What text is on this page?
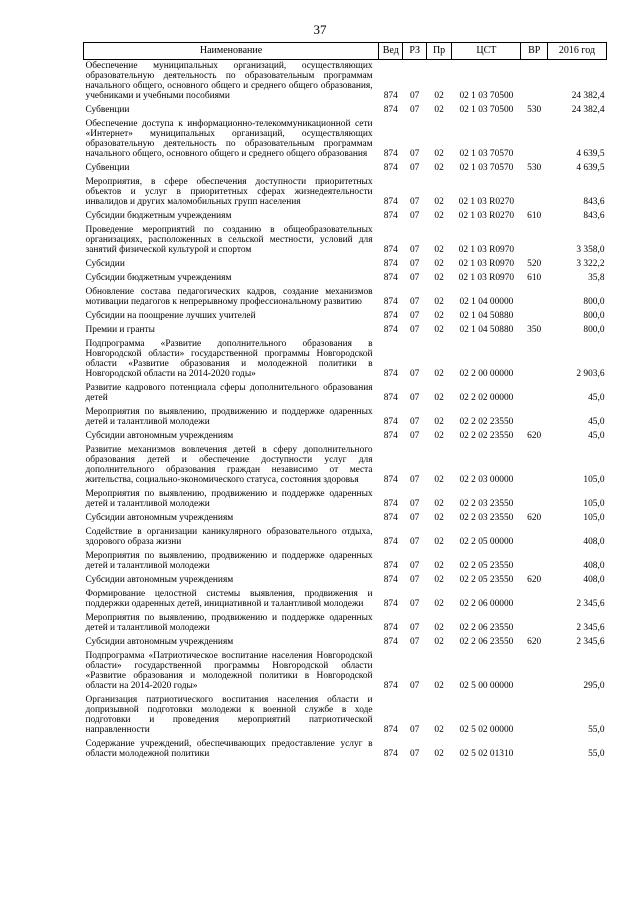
37
Наименование	Вед	РЗ	Пр	ЦСТ	ВР	2016 год
Обеспечение муниципальных организаций, осуществляющих образовательную деятельность по образовательным программам начального общего, основного общего и среднего общего образования, учебниками и учебными пособиями	874	07	02	02 1 03 70500		24 382,4
Субвенции	874	07	02	02 1 03 70500	530	24 382,4
Обеспечение доступа к информационно-телекоммуникационной сети «Интернет» муниципальных организаций, осуществляющих образовательную деятельность по образовательным программам начального общего, основного общего и среднего общего образования	874	07	02	02 1 03 70570		4 639,5
Субвенции	874	07	02	02 1 03 70570	530	4 639,5
Мероприятия, в сфере обеспечения доступности приоритетных объектов и услуг в приоритетных сферах жизнедеятельности инвалидов и других маломобильных групп населения	874	07	02	02 1 03 R0270		843,6
Субсидии бюджетным учреждениям	874	07	02	02 1 03 R0270	610	843,6
Проведение мероприятий по созданию в общеобразовательных организациях, расположенных в сельской местности, условий для занятий физической культурой и спортом	874	07	02	02 1 03 R0970		3 358,0
Субсидии	874	07	02	02 1 03 R0970	520	3 322,2
Субсидии бюджетным учреждениям	874	07	02	02 1 03 R0970	610	35,8
Обновление состава педагогических кадров, создание механизмов мотивации педагогов к непрерывному профессиональному развитию	874	07	02	02 1 04 00000		800,0
Субсидии на поощрение лучших учителей	874	07	02	02 1 04 50880		800,0
Премии и гранты	874	07	02	02 1 04 50880	350	800,0
Подпрограмма «Развитие дополнительного образования в Новгородской области» государственной программы Новгородской области «Развитие образования и молодежной политики в Новгородской области на 2014-2020 годы»	874	07	02	02 2 00 00000		2 903,6
Развитие кадрового потенциала сферы дополнительного образования детей	874	07	02	02 2 02 00000		45,0
Мероприятия по выявлению, продвижению и поддержке одаренных детей и талантливой молодежи	874	07	02	02 2 02 23550		45,0
Субсидии автономным учреждениям	874	07	02	02 2 02 23550	620	45,0
Развитие механизмов вовлечения детей в сферу дополнительного образования детей и обеспечение доступности услуг для дополнительного образования граждан независимо от места жительства, социально-экономического статуса, состояния здоровья	874	07	02	02 2 03 00000		105,0
Мероприятия по выявлению, продвижению и поддержке одаренных детей и талантливой молодежи	874	07	02	02 2 03 23550		105,0
Субсидии автономным учреждениям	874	07	02	02 2 03 23550	620	105,0
Содействие в организации каникулярного образовательного отдыха, здорового образа жизни	874	07	02	02 2 05 00000		408,0
Мероприятия по выявлению, продвижению и поддержке одаренных детей и талантливой молодежи	874	07	02	02 2 05 23550		408,0
Субсидии автономным учреждениям	874	07	02	02 2 05 23550	620	408,0
Формирование целостной системы выявления, продвижения и поддержки одаренных детей, инициативной и талантливой молодежи	874	07	02	02 2 06 00000		2 345,6
Мероприятия по выявлению, продвижению и поддержке одаренных детей и талантливой молодежи	874	07	02	02 2 06 23550		2 345,6
Субсидии автономным учреждениям	874	07	02	02 2 06 23550	620	2 345,6
Подпрограмма «Патриотическое воспитание населения Новгородской области» государственной программы Новгородской области «Развитие образования и молодежной политики в Новгородской области на 2014-2020 годы»	874	07	02	02 5 00 00000		295,0
Организация патриотического воспитания населения области и допризывной подготовки молодежи к военной службе в ходе подготовки и проведения мероприятий патриотической направленности	874	07	02	02 5 02 00000		55,0
Содержание учреждений, обеспечивающих предоставление услуг в области молодежной политики	874	07	02	02 5 02 01310		55,0
